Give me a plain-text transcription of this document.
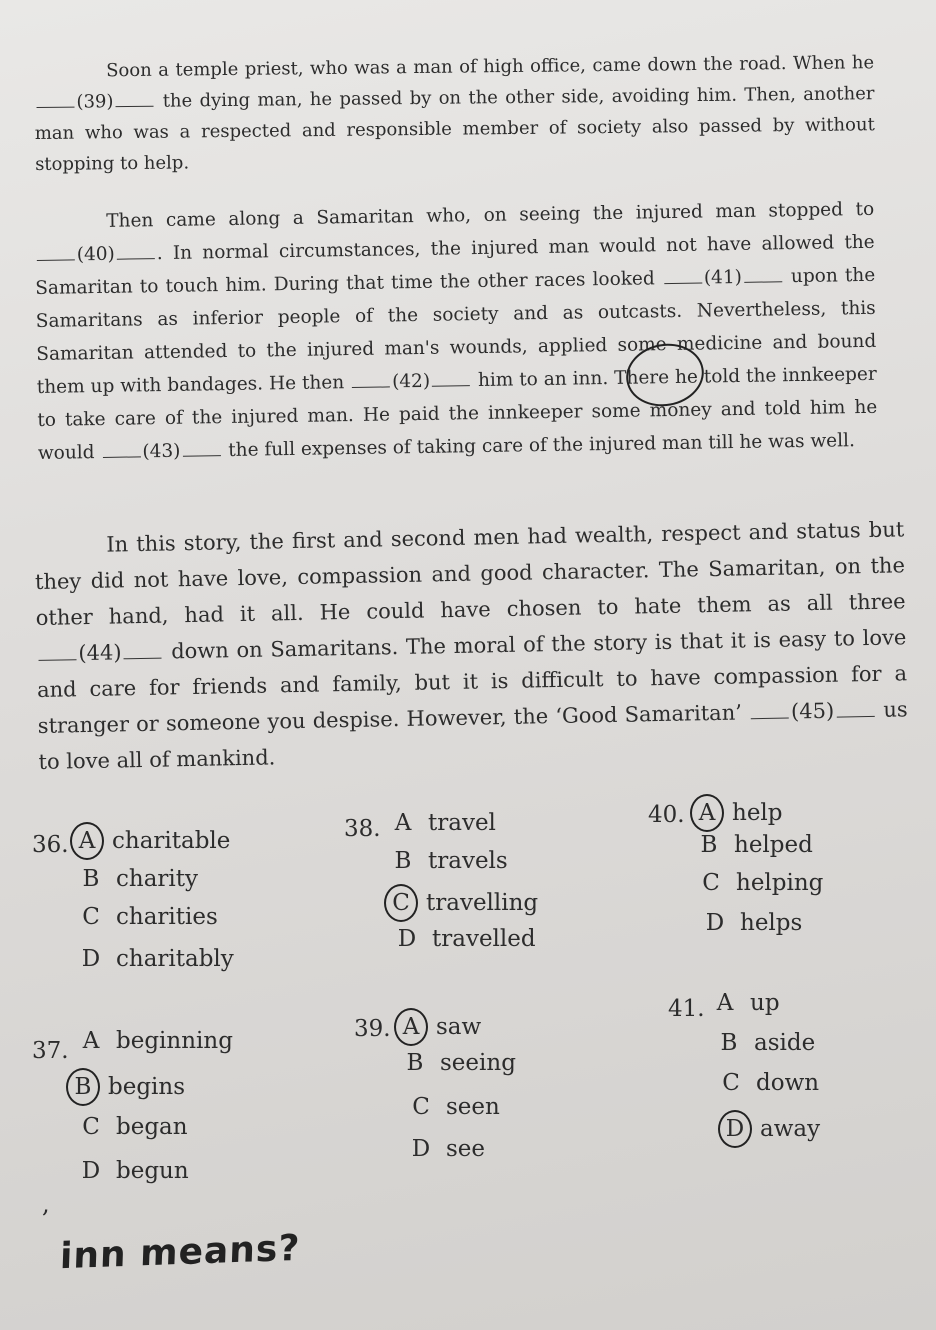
Soon a temple priest, who was a man of high office, came down the road. When he (39)	the dying man, he passed by on the other side, avoiding him. Then, another man who was a respected and responsible member of society also passed by without stopping to help.

Then came along a Samaritan who, on seeing the injured man stopped to (40) . In normal circumstances, the injured man would not have allowed the Samaritan to touch him. During that time the other races looked	(41)	upon the Samaritans as inferior people of the society and as outcasts. Nevertheless, this Samaritan attended to the injured man's wounds, applied some medicine and bound them up with bandages. He then	(42)	him to an inn. There he told the innkeeper to take care of the injured man. He paid the innkeeper some money and told him he would	(43)	the full expenses of taking care of the injured man till he was well.

In this story, the first and second men had wealth, respect and status but they did not have love, compassion and good character. The Samaritan, on the other hand, had it all. He could have chosen to hate them as all three (44) down on Samaritans. The moral of the story is that it is easy to love and care for friends and family, but it is difficult to have compassion for a stranger or someone you despise. However, the ‘Good Samaritan’ (45) us to love all of mankind.

36. A charitable
B charity
C charities
D charitably
37. A beginning
B begins
C began
D begun
38. A travel
B travels
C travelling
D travelled
39. A saw
B seeing
C seen
D see
40. A help
B helped
C helping
D helps
41. A up
B aside
C down
D away
,
inn means?
